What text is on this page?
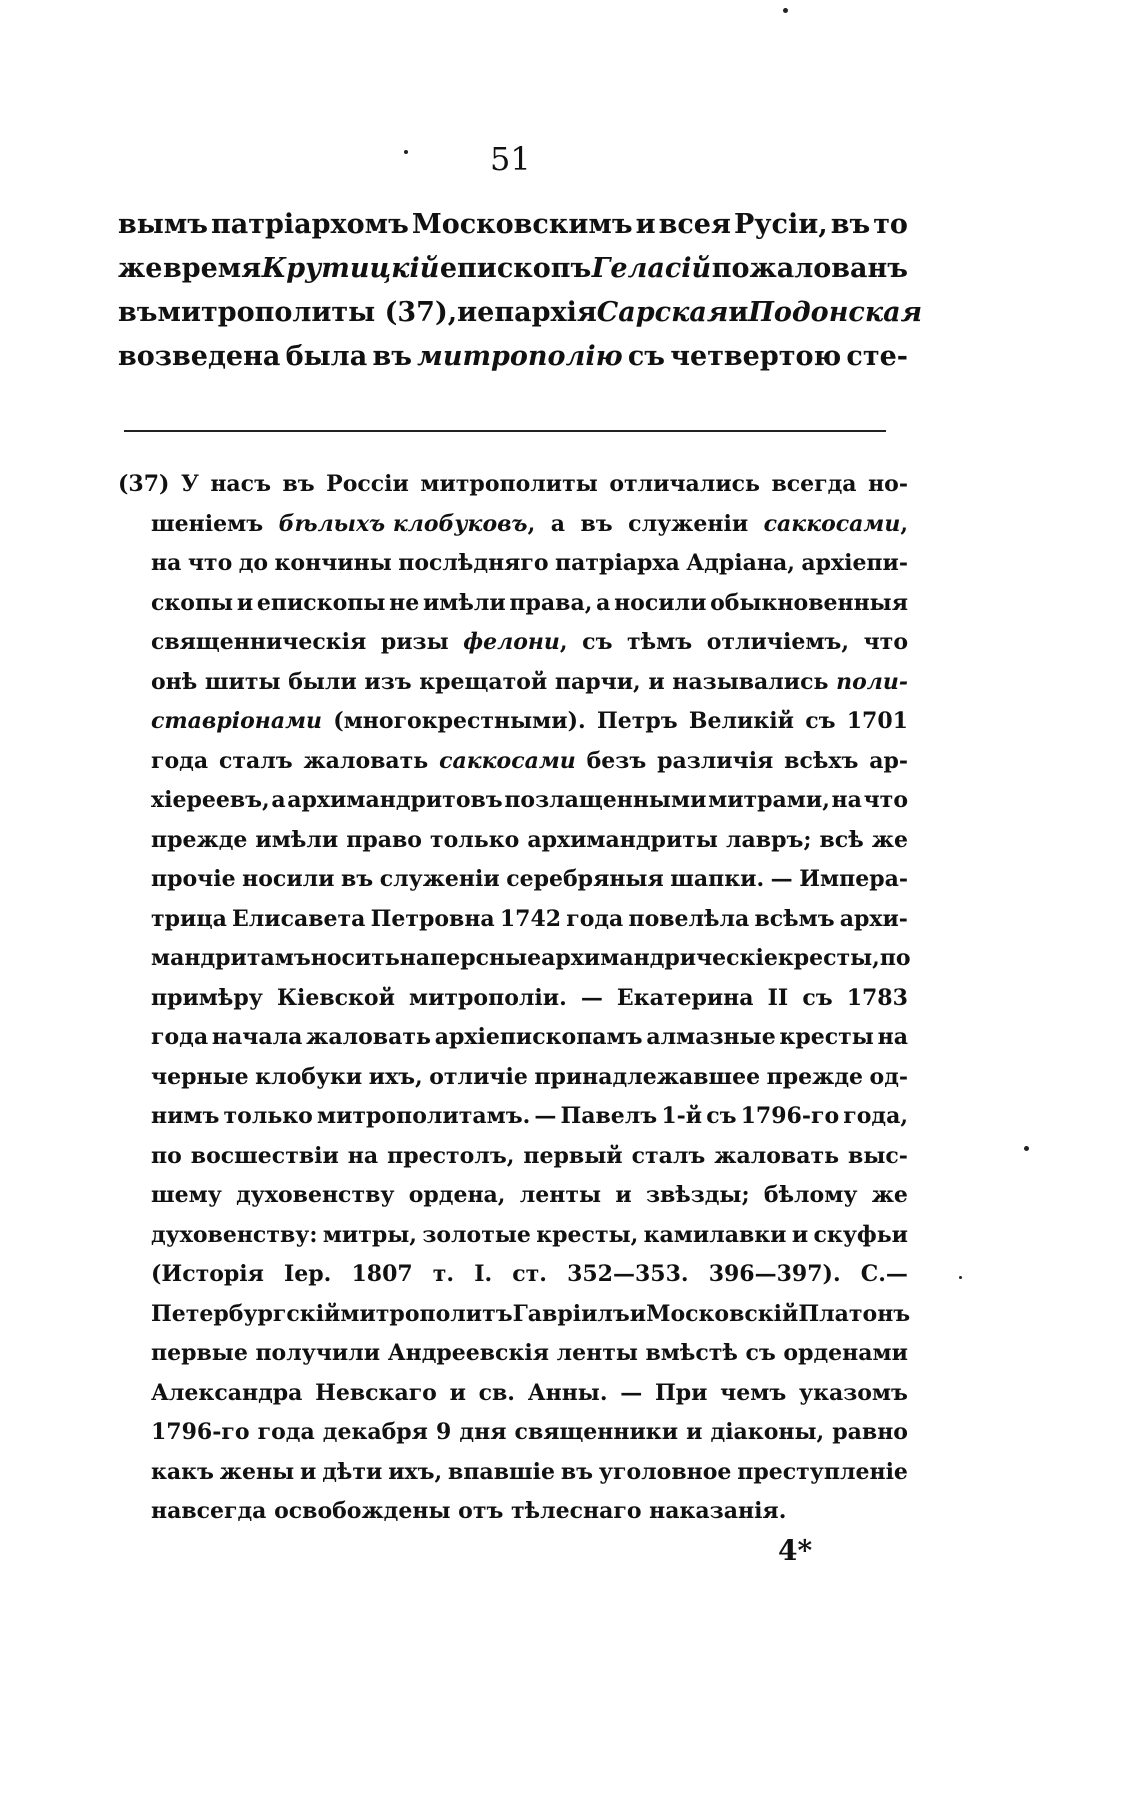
51
вымъ патріархомъ Московскимъ и всея Русіи, въ то
же время Крутицкій епископъ Геласій пожалованъ
въ митрополиты (37), и епархія Сарская и Подонская
возведена была въ митрополію съ четвертою сте-
(37) У насъ въ Россіи митрополиты отличались всегда но-
шеніемъ бѣлыхъ клобуковъ, а въ служеніи саккосами,
на что до кончины послѣдняго патріарха Адріана, архіепи-
скопы и епископы не имѣли права, а носили обыкновенныя
священническія ризы фелони, съ тѣмъ отличіемъ, что
онѣ шиты были изъ крещатой парчи, и назывались поли-
ставріонами (многокрестными). Петръ Великій съ 1701
года сталъ жаловать саккосами безъ различія всѣхъ ар-
хіереевъ, а архимандритовъ позлащенными митрами, на что
прежде имѣли право только архимандриты лавръ; всѣ же
прочіе носили въ служеніи серебряныя шапки. — Импера-
трица Елисавета Петровна 1742 года повелѣла всѣмъ архи-
мандритамъ носить наперсные архимандрическіе кресты, по
примѣру Кіевской митрополіи. — Екатерина II съ 1783
года начала жаловать архіепископамъ алмазные кресты на
черные клобуки ихъ, отличіе принадлежавшее прежде од-
нимъ только митрополитамъ. — Павелъ 1-й съ 1796-го года,
по восшествіи на престолъ, первый сталъ жаловать выс-
шему духовенству ордена, ленты и звѣзды; бѣлому же
духовенству: митры, золотые кресты, камилавки и скуфьи
(Исторія Іер. 1807 т. I. ст. 352—353. 396—397). С.—
Петербургскій митрополитъ Гавріилъ и Московскій Платонъ
первые получили Андреевскія ленты вмѣстѣ съ орденами
Александра Невскаго и св. Анны. — При чемъ указомъ
1796-го года декабря 9 дня священники и діаконы, равно
какъ жены и дѣти ихъ, впавшіе въ уголовное преступленіе
навсегда освобождены отъ тѣлеснаго наказанія.
4*
